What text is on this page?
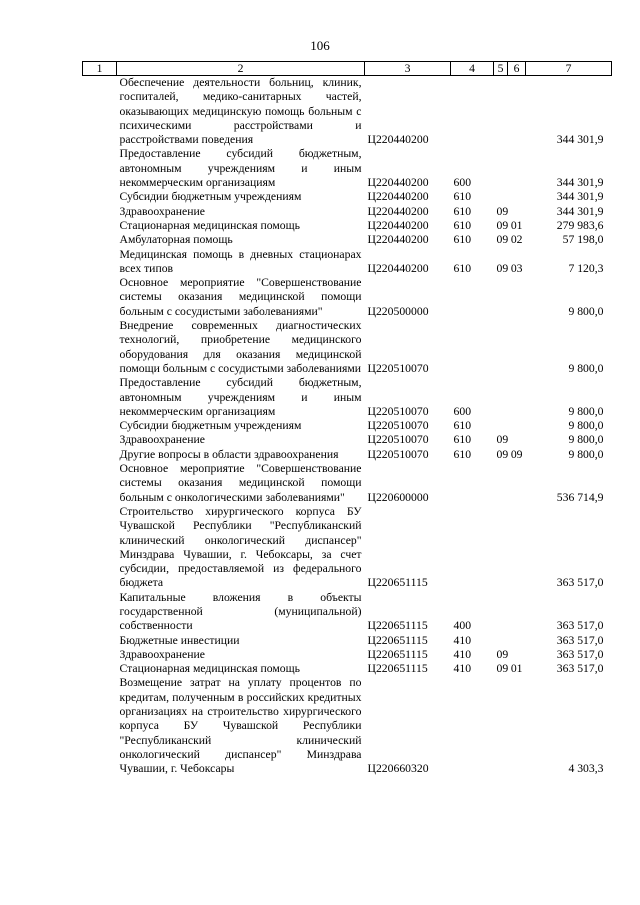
106
1	2	3	4	5	6	7
	Обеспечение деятельности больниц, клиник, госпиталей, медико-санитарных частей, оказывающих медицинскую помощь больным с психическими расстройствами и расстройствами поведения	Ц220440200				344 301,9
	Предоставление субсидий бюджетным, автономным учреждениям и иным некоммерческим организациям	Ц220440200	600			344 301,9
	Субсидии бюджетным учреждениям	Ц220440200	610			344 301,9
	Здравоохранение	Ц220440200	610	09		344 301,9
	Стационарная медицинская помощь	Ц220440200	610	09 01		279 983,6
	Амбулаторная помощь	Ц220440200	610	09 02		57 198,0
	Медицинская помощь в дневных стационарах всех типов	Ц220440200	610	09 03		7 120,3
	Основное мероприятие "Совершенствование системы оказания медицинской помощи больным с сосудистыми заболеваниями"	Ц220500000				9 800,0
	Внедрение современных диагностических технологий, приобретение медицинского оборудования для оказания медицинской помощи больным с сосудистыми заболеваниями	Ц220510070				9 800,0
	Предоставление субсидий бюджетным, автономным учреждениям и иным некоммерческим организациям	Ц220510070	600			9 800,0
	Субсидии бюджетным учреждениям	Ц220510070	610			9 800,0
	Здравоохранение	Ц220510070	610	09		9 800,0
	Другие вопросы в области здравоохранения	Ц220510070	610	09 09		9 800,0
	Основное мероприятие "Совершенствование системы оказания медицинской помощи больным с онкологическими заболеваниями"	Ц220600000				536 714,9
	Строительство хирургического корпуса БУ Чувашской Республики "Республиканский клинический онкологический диспансер" Минздрава Чувашии, г. Чебоксары, за счет субсидии, предоставляемой из федерального бюджета	Ц220651115				363 517,0
	Капитальные вложения в объекты государственной (муниципальной) собственности	Ц220651115	400			363 517,0
	Бюджетные инвестиции	Ц220651115	410			363 517,0
	Здравоохранение	Ц220651115	410	09		363 517,0
	Стационарная медицинская помощь	Ц220651115	410	09 01		363 517,0
	Возмещение затрат на уплату процентов по кредитам, полученным в российских кредитных организациях на строительство хирургического корпуса БУ Чувашской Республики "Республиканский клинический онкологический диспансер" Минздрава Чувашии, г. Чебоксары	Ц220660320				4 303,3
